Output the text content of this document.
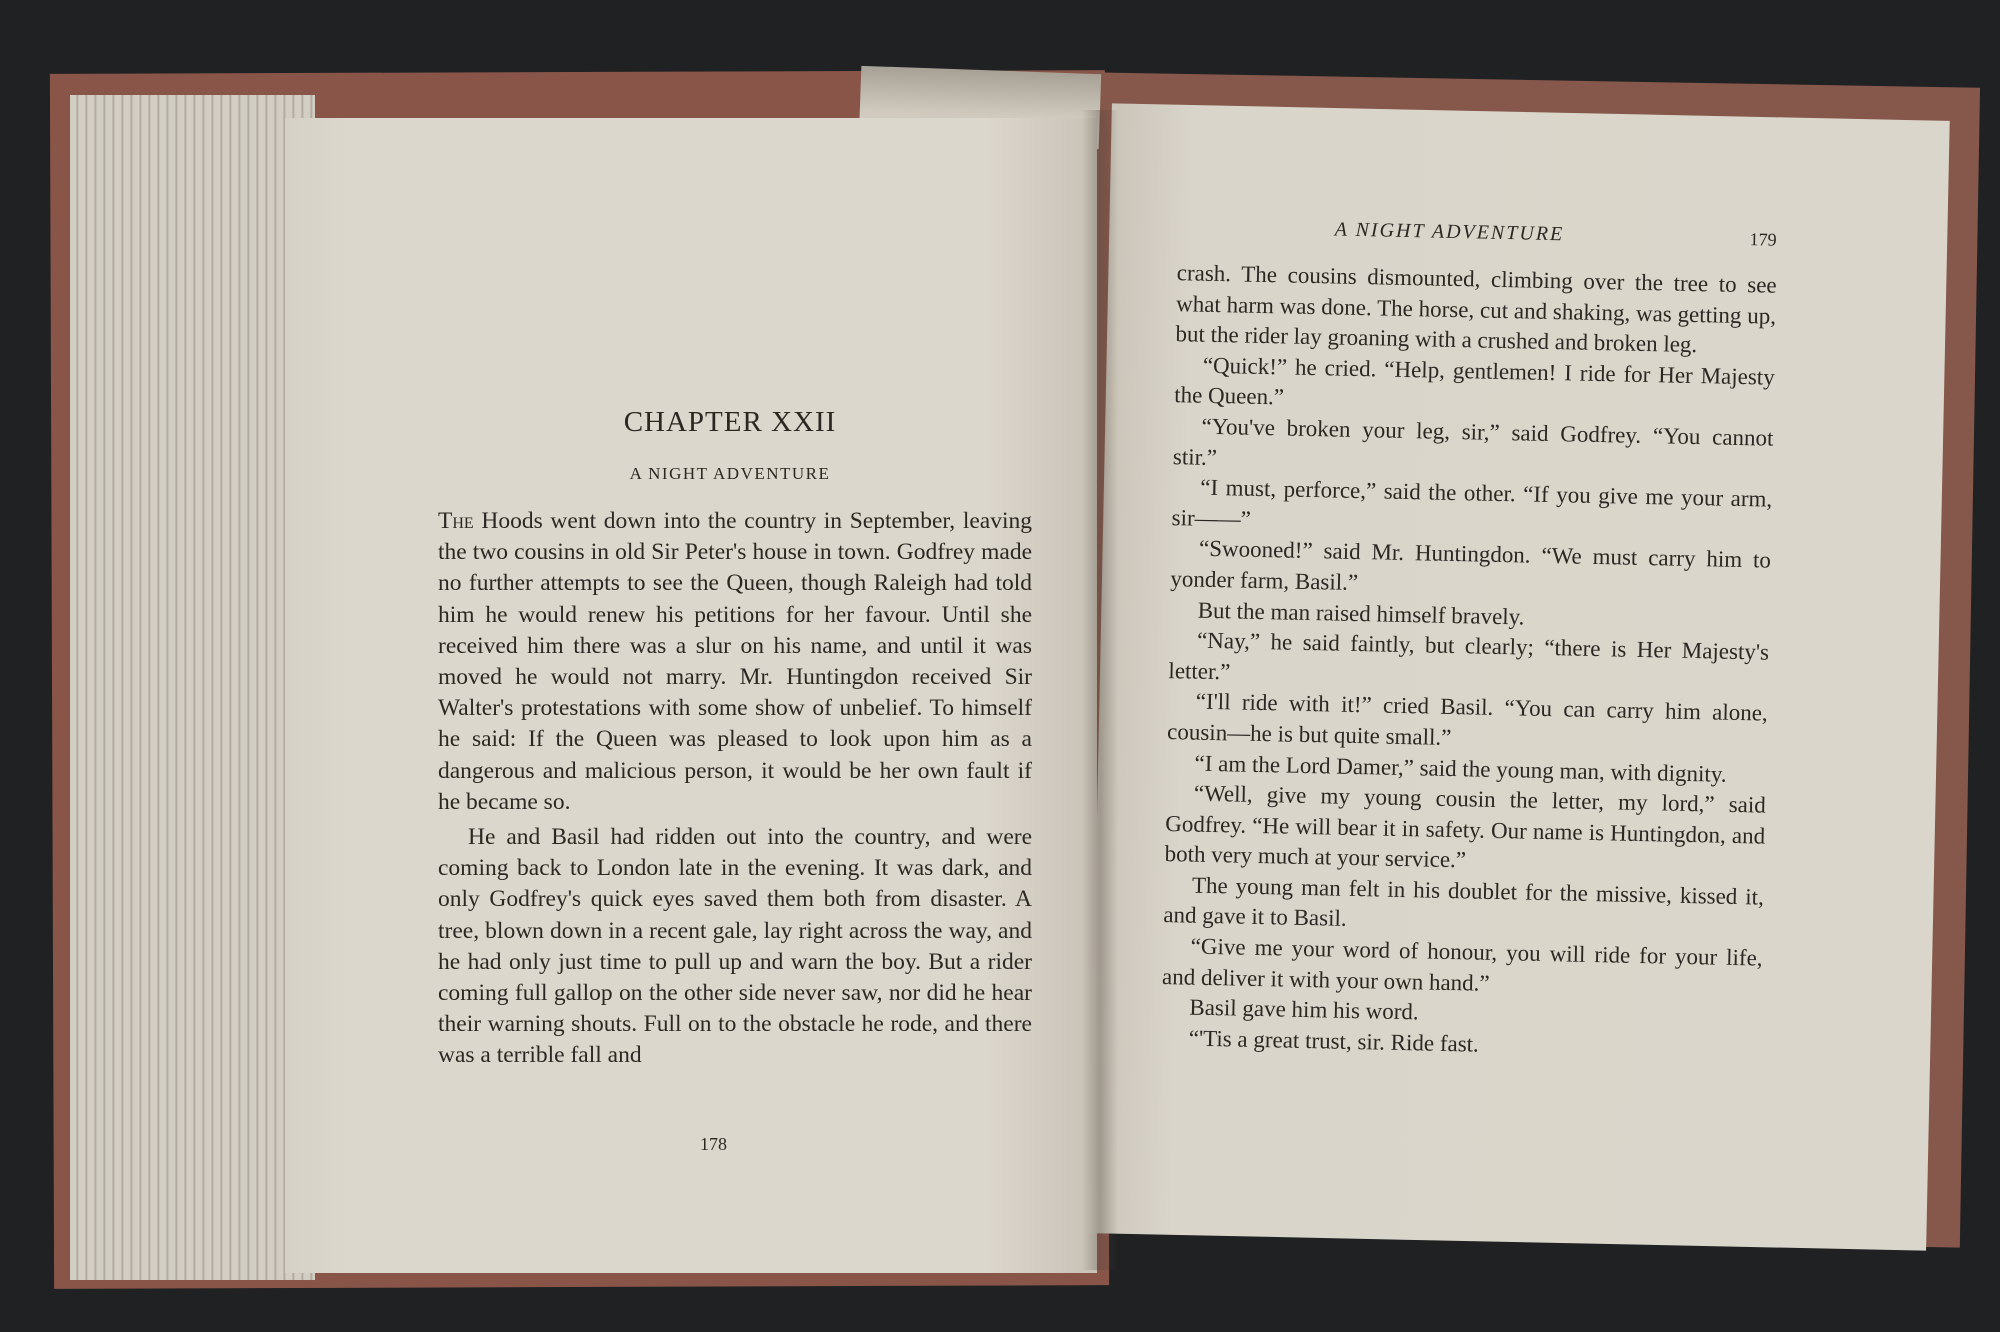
CHAPTER XXII
A NIGHT ADVENTURE

The Hoods went down into the country in September, leaving the two cousins in old Sir Peter's house in town. Godfrey made no further attempts to see the Queen, though Raleigh had told him he would renew his petitions for her favour. Until she received him there was a slur on his name, and until it was moved he would not marry. Mr. Huntingdon received Sir Walter's protestations with some show of unbelief. To himself he said: If the Queen was pleased to look upon him as a dangerous and malicious person, it would be her own fault if he became so.

He and Basil had ridden out into the country, and were coming back to London late in the evening. It was dark, and only Godfrey's quick eyes saved them both from disaster. A tree, blown down in a recent gale, lay right across the way, and he had only just time to pull up and warn the boy. But a rider coming full gallop on the other side never saw, nor did he hear their warning shouts. Full on to the obstacle he rode, and there was a terrible fall and

178
A NIGHT ADVENTURE	179

crash. The cousins dismounted, climbing over the tree to see what harm was done. The horse, cut and shaking, was getting up, but the rider lay groaning with a crushed and broken leg.

“Quick!” he cried. “Help, gentlemen! I ride for Her Majesty the Queen.”

“You've broken your leg, sir,” said Godfrey. “You cannot stir.”

“I must, perforce,” said the other. “If you give me your arm, sir——”

“Swooned!” said Mr. Huntingdon. “We must carry him to yonder farm, Basil.”

But the man raised himself bravely.

“Nay,” he said faintly, but clearly; “there is Her Majesty's letter.”

“I'll ride with it!” cried Basil. “You can carry him alone, cousin—he is but quite small.”

“I am the Lord Damer,” said the young man, with dignity.

“Well, give my young cousin the letter, my lord,” said Godfrey. “He will bear it in safety. Our name is Huntingdon, and both very much at your service.”

The young man felt in his doublet for the missive, kissed it, and gave it to Basil.

“Give me your word of honour, you will ride for your life, and deliver it with your own hand.”

Basil gave him his word.

“'Tis a great trust, sir. Ride fast.
